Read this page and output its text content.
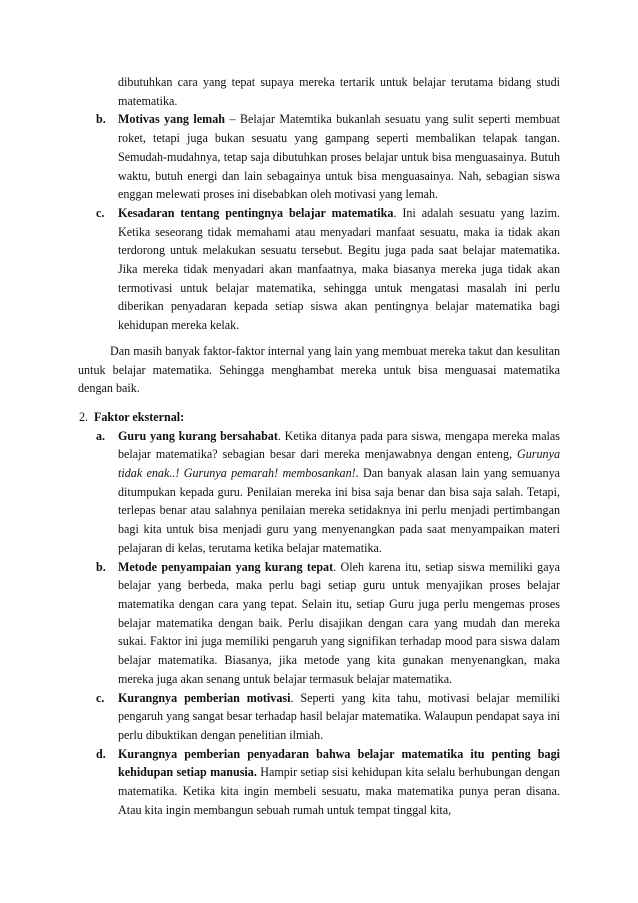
dibutuhkan cara yang tepat supaya mereka tertarik untuk belajar terutama bidang studi matematika.
b. Motivas yang lemah – Belajar Matemtika bukanlah sesuatu yang sulit seperti membuat roket, tetapi juga bukan sesuatu yang gampang seperti membalikan telapak tangan. Semudah-mudahnya, tetap saja dibutuhkan proses belajar untuk bisa menguasainya. Butuh waktu, butuh energi dan lain sebagainya untuk bisa menguasainya. Nah, sebagian siswa enggan melewati proses ini disebabkan oleh motivasi yang lemah.
c. Kesadaran tentang pentingnya belajar matematika. Ini adalah sesuatu yang lazim. Ketika seseorang tidak memahami atau menyadari manfaat sesuatu, maka ia tidak akan terdorong untuk melakukan sesuatu tersebut. Begitu juga pada saat belajar matematika. Jika mereka tidak menyadari akan manfaatnya, maka biasanya mereka juga tidak akan termotivasi untuk belajar matematika, sehingga untuk mengatasi masalah ini perlu diberikan penyadaran kepada setiap siswa akan pentingnya belajar matematika bagi kehidupan mereka kelak.
Dan masih banyak faktor-faktor internal yang lain yang membuat mereka takut dan kesulitan untuk belajar matematika. Sehingga menghambat mereka untuk bisa menguasai matematika dengan baik.
2. Faktor eksternal:
a. Guru yang kurang bersahabat. Ketika ditanya pada para siswa, mengapa mereka malas belajar matematika? sebagian besar dari mereka menjawabnya dengan enteng, Gurunya tidak enak..! Gurunya pemarah! membosankan!. Dan banyak alasan lain yang semuanya ditumpukan kepada guru. Penilaian mereka ini bisa saja benar dan bisa saja salah. Tetapi, terlepas benar atau salahnya penilaian mereka setidaknya ini perlu menjadi pertimbangan bagi kita untuk bisa menjadi guru yang menyenangkan pada saat menyampaikan materi pelajaran di kelas, terutama ketika belajar matematika.
b. Metode penyampaian yang kurang tepat. Oleh karena itu, setiap siswa memiliki gaya belajar yang berbeda, maka perlu bagi setiap guru untuk menyajikan proses belajar matematika dengan cara yang tepat. Selain itu, setiap Guru juga perlu mengemas proses belajar matematika dengan baik. Perlu disajikan dengan cara yang mudah dan mereka sukai. Faktor ini juga memiliki pengaruh yang signifikan terhadap mood para siswa dalam belajar matematika. Biasanya, jika metode yang kita gunakan menyenangkan, maka mereka juga akan senang untuk belajar termasuk belajar matematika.
c. Kurangnya pemberian motivasi. Seperti yang kita tahu, motivasi belajar memiliki pengaruh yang sangat besar terhadap hasil belajar matematika. Walaupun pendapat saya ini perlu dibuktikan dengan penelitian ilmiah.
d. Kurangnya pemberian penyadaran bahwa belajar matematika itu penting bagi kehidupan setiap manusia. Hampir setiap sisi kehidupan kita selalu berhubungan dengan matematika. Ketika kita ingin membeli sesuatu, maka matematika punya peran disana. Atau kita ingin membangun sebuah rumah untuk tempat tinggal kita,
